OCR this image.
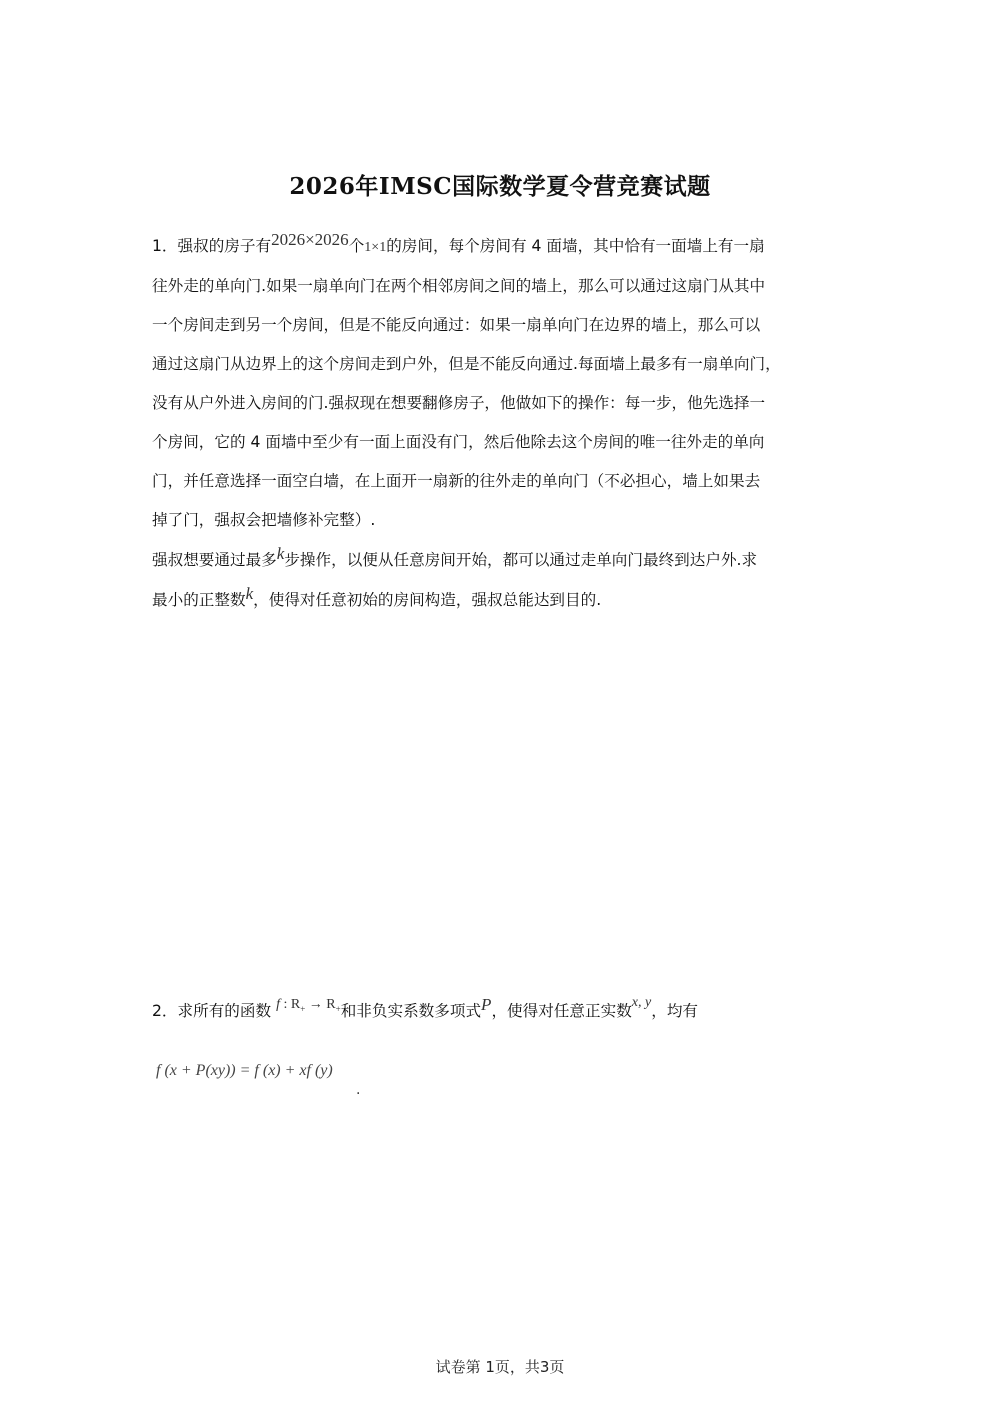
2026年IMSC国际数学夏令营竞赛试题
1．强叔的房子有2026×2026个1×1的房间，每个房间有 4 面墙，其中恰有一面墙上有一扇
往外走的单向门.如果一扇单向门在两个相邻房间之间的墙上，那么可以通过这扇门从其中
一个房间走到另一个房间，但是不能反向通过：如果一扇单向门在边界的墙上，那么可以
通过这扇门从边界上的这个房间走到户外，但是不能反向通过.每面墙上最多有一扇单向门，
没有从户外进入房间的门.强叔现在想要翻修房子，他做如下的操作：每一步，他先选择一
个房间，它的 4 面墙中至少有一面上面没有门，然后他除去这个房间的唯一往外走的单向
门，并任意选择一面空白墙，在上面开一扇新的往外走的单向门（不必担心，墙上如果去
掉了门，强叔会把墙修补完整）.
强叔想要通过最多k步操作，以便从任意房间开始，都可以通过走单向门最终到达户外.求
最小的正整数k，使得对任意初始的房间构造，强叔总能达到目的.
2．求所有的函数 f : $R_+ \to R_+$和非负实系数多项式P，使得对任意正实数x, y，均有
f (x + P(xy)) = f (x) + xf (y)
.
试卷第 1页，共3页
